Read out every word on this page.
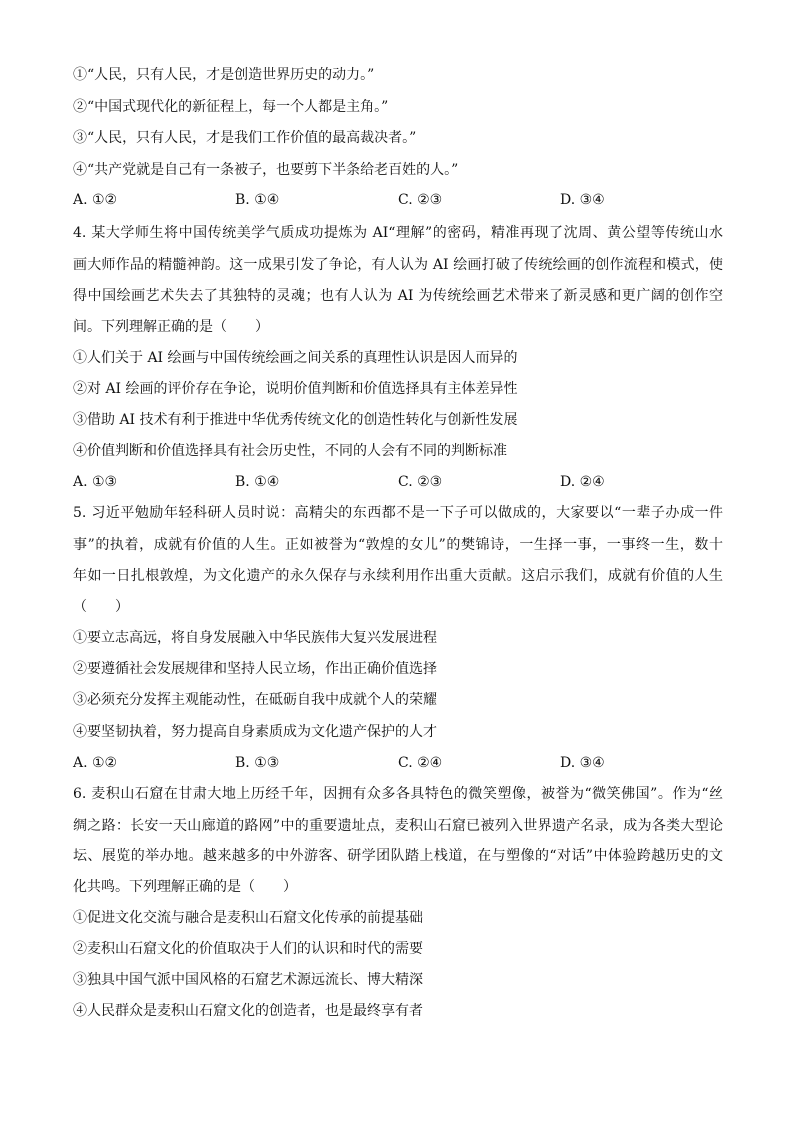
①“人民，只有人民，才是创造世界历史的动力。”
②“中国式现代化的新征程上，每一个人都是主角。”
③“人民，只有人民，才是我们工作价值的最高裁决者。”
④“共产党就是自己有一条被子，也要剪下半条给老百姓的人。”
A. ①②	B. ①④	C. ②③	D. ③④
4. 某大学师生将中国传统美学气质成功提炼为 AI“理解”的密码，精准再现了沈周、黄公望等传统山水
画大师作品的精髓神韵。这一成果引发了争论，有人认为 AI 绘画打破了传统绘画的创作流程和模式，使
得中国绘画艺术失去了其独特的灵魂；也有人认为 AI 为传统绘画艺术带来了新灵感和更广阔的创作空
间。下列理解正确的是（　　）
①人们关于 AI 绘画与中国传统绘画之间关系的真理性认识是因人而异的
②对 AI 绘画的评价存在争论，说明价值判断和价值选择具有主体差异性
③借助 AI 技术有利于推进中华优秀传统文化的创造性转化与创新性发展
④价值判断和价值选择具有社会历史性，不同的人会有不同的判断标准
A. ①③	B. ①④	C. ②③	D. ②④
5. 习近平勉励年轻科研人员时说：高精尖的东西都不是一下子可以做成的，大家要以“一辈子办成一件
事”的执着，成就有价值的人生。正如被誉为“敦煌的女儿”的樊锦诗，一生择一事，一事终一生，数十
年如一日扎根敦煌，为文化遗产的永久保存与永续利用作出重大贡献。这启示我们，成就有价值的人生
（　　）
①要立志高远，将自身发展融入中华民族伟大复兴发展进程
②要遵循社会发展规律和坚持人民立场，作出正确价值选择
③必须充分发挥主观能动性，在砥砺自我中成就个人的荣耀
④要坚韧执着，努力提高自身素质成为文化遗产保护的人才
A. ①②	B. ①③	C. ②④	D. ③④
6. 麦积山石窟在甘肃大地上历经千年，因拥有众多各具特色的微笑塑像，被誉为“微笑佛国”。作为“丝
绸之路：长安一天山廊道的路网”中的重要遗址点，麦积山石窟已被列入世界遗产名录，成为各类大型论
坛、展览的举办地。越来越多的中外游客、研学团队踏上栈道，在与塑像的“对话”中体验跨越历史的文
化共鸣。下列理解正确的是（　　）
①促进文化交流与融合是麦积山石窟文化传承的前提基础
②麦积山石窟文化的价值取决于人们的认识和时代的需要
③独具中国气派中国风格的石窟艺术源远流长、博大精深
④人民群众是麦积山石窟文化的创造者，也是最终享有者
